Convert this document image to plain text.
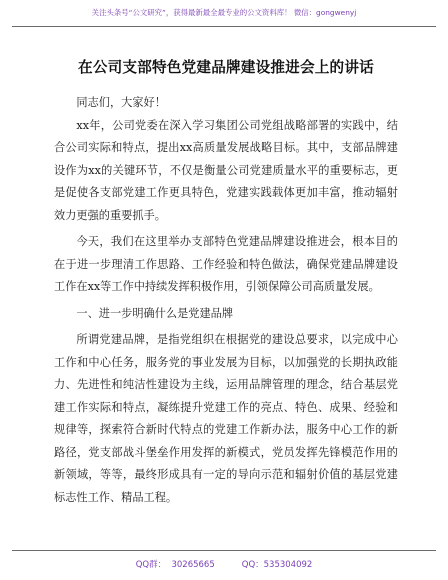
关注头条号“公文研究”，获得最新最全最专业的公文资料库！ 微信：gongwenyj
在公司支部特色党建品牌建设推进会上的讲话

同志们，大家好！

xx年，公司党委在深入学习集团公司党组战略部署的实践中，结合公司实际和特点，提出xx高质量发展战略目标。其中，支部品牌建设作为xx的关键环节，不仅是衡量公司党建质量水平的重要标志，更是促使各支部党建工作更具特色，党建实践载体更加丰富，推动辐射效力更强的重要抓手。

今天，我们在这里举办支部特色党建品牌建设推进会，根本目的在于进一步理清工作思路、工作经验和特色做法，确保党建品牌建设工作在xx等工作中持续发挥积极作用，引领保障公司高质量发展。

一、进一步明确什么是党建品牌

所谓党建品牌，是指党组织在根据党的建设总要求，以完成中心工作和中心任务，服务党的事业发展为目标，以加强党的长期执政能力、先进性和纯洁性建设为主线，运用品牌管理的理念，结合基层党建工作实际和特点，凝练提升党建工作的亮点、特色、成果、经验和规律等，探索符合新时代特点的党建工作新办法，服务中心工作的新路径，党支部战斗堡垒作用发挥的新模式，党员发挥先锋模范作用的新领域，等等，最终形成具有一定的导向示范和辐射价值的基层党建标志性工作、精品工程。

QQ群：  30265665          QQ：535304092
